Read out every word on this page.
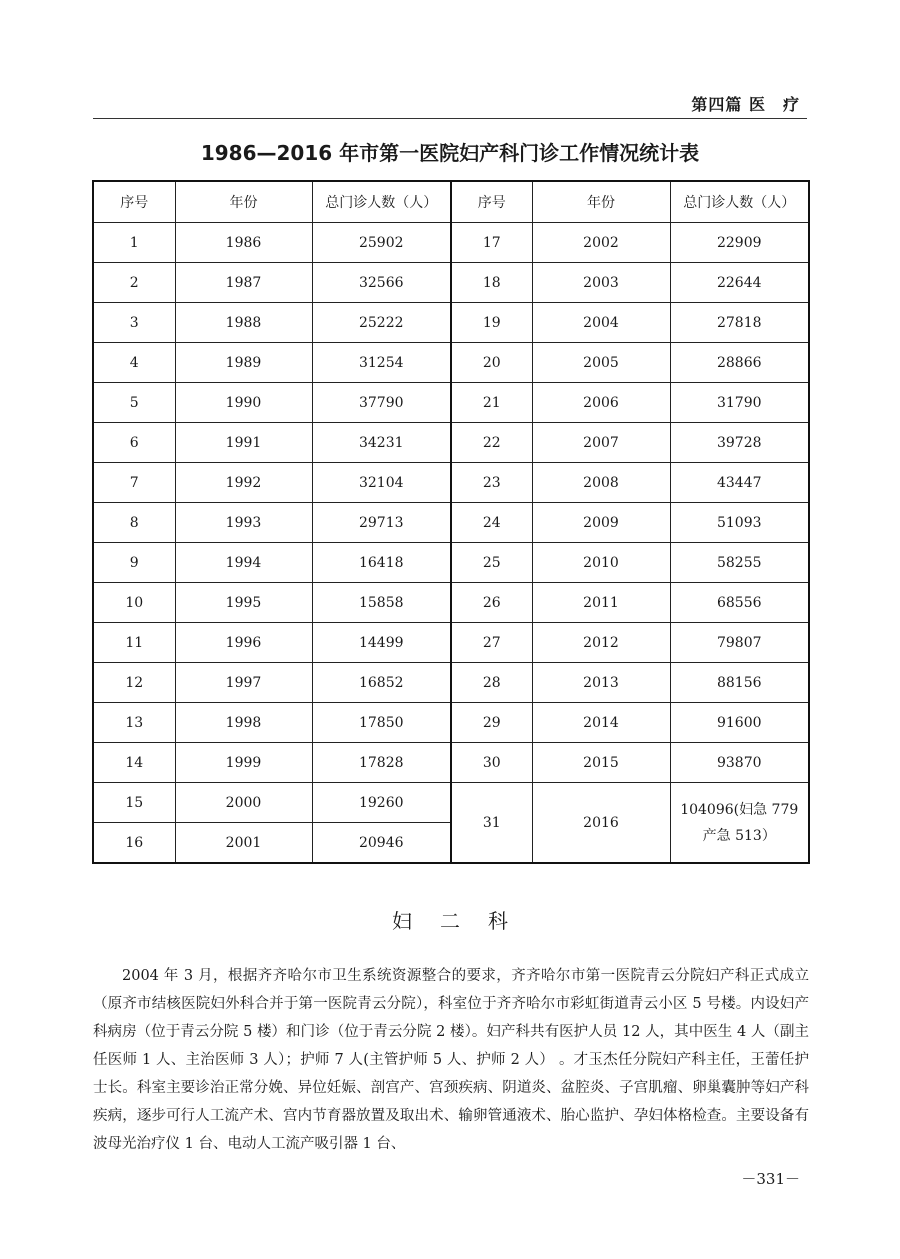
第四篇 医　疗
1986—2016 年市第一医院妇产科门诊工作情况统计表
序号	年份	总门诊人数（人）	序号	年份	总门诊人数（人）
1	1986	25902	17	2002	22909
2	1987	32566	18	2003	22644
3	1988	25222	19	2004	27818
4	1989	31254	20	2005	28866
5	1990	37790	21	2006	31790
6	1991	34231	22	2007	39728
7	1992	32104	23	2008	43447
8	1993	29713	24	2009	51093
9	1994	16418	25	2010	58255
10	1995	15858	26	2011	68556
11	1996	14499	27	2012	79807
12	1997	16852	28	2013	88156
13	1998	17850	29	2014	91600
14	1999	17828	30	2015	93870
15	2000	19260	31	2016	104096(妇急 779
产急 513）

16	2001	20946			
妇二科
2004 年 3 月，根据齐齐哈尔市卫生系统资源整合的要求，齐齐哈尔市第一医院青云分院妇产科正式成立（原齐市结核医院妇外科合并于第一医院青云分院），科室位于齐齐哈尔市彩虹街道青云小区 5 号楼。内设妇产科病房（位于青云分院 5 楼）和门诊（位于青云分院 2 楼）。妇产科共有医护人员 12 人，其中医生 4 人（副主任医师 1 人、主治医师 3 人）；护师 7 人(主管护师 5 人、护师 2 人） 。才玉杰任分院妇产科主任，王蕾任护士长。科室主要诊治正常分娩、异位妊娠、剖宫产、宫颈疾病、阴道炎、盆腔炎、子宫肌瘤、卵巢囊肿等妇产科疾病，逐步可行人工流产术、宫内节育器放置及取出术、输卵管通液术、胎心监护、孕妇体格检查。主要设备有波母光治疗仪 1 台、电动人工流产吸引器 1 台、
－331－
